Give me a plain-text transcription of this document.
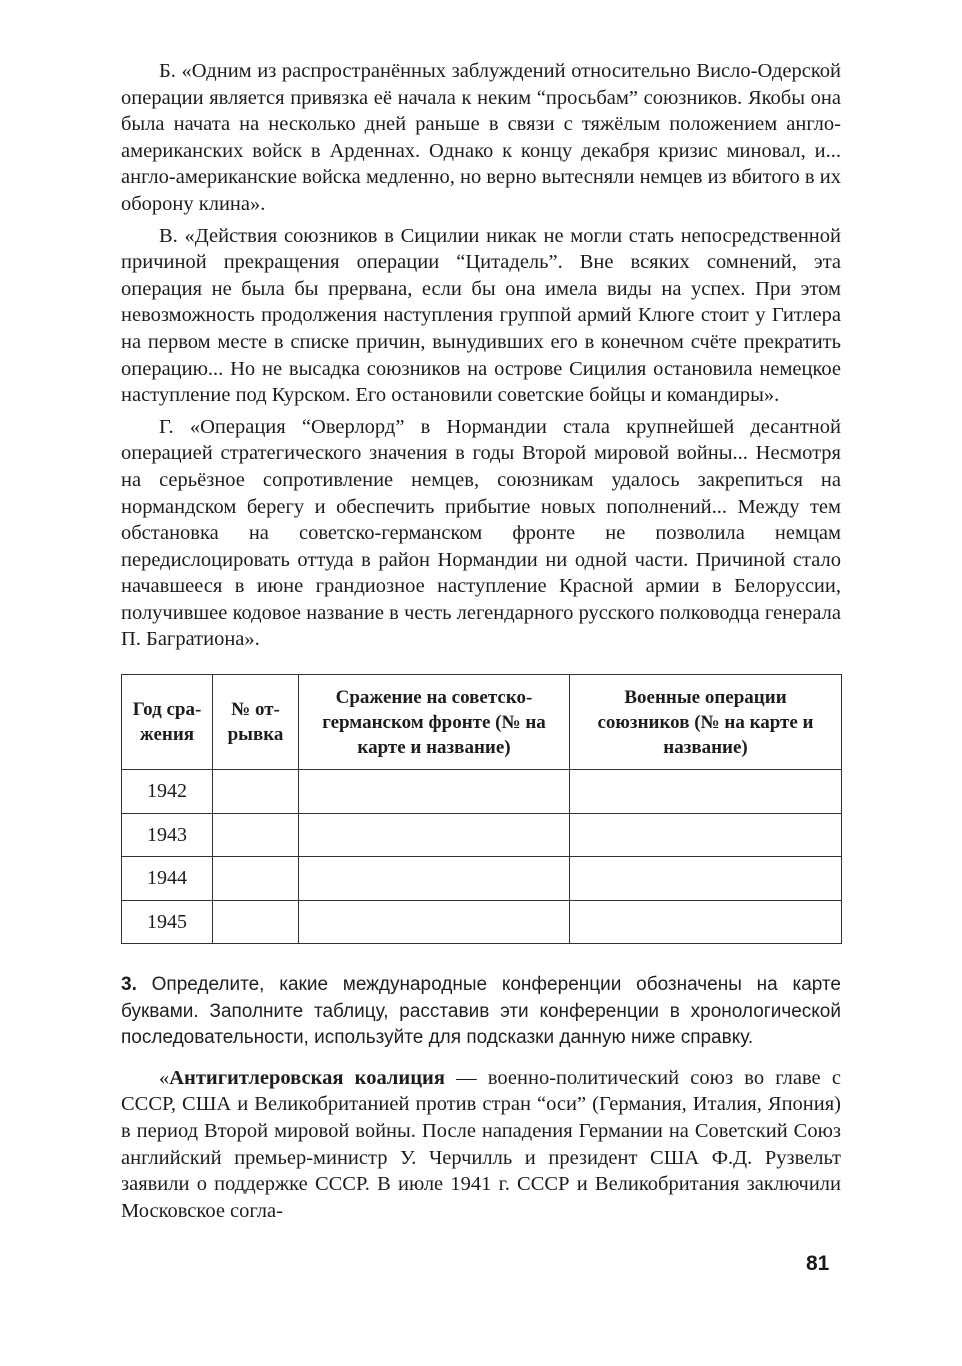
Б. «Одним из распространённых заблуждений относительно Висло-Одерской операции является привязка её начала к неким “просьбам” союзников. Якобы она была начата на несколько дней раньше в связи с тяжёлым положением англо-американских войск в Арденнах. Однако к концу декабря кризис миновал, и... англо-американские войска медленно, но верно вытесняли немцев из вбитого в их оборону клина».

В. «Действия союзников в Сицилии никак не могли стать непосредственной причиной прекращения операции “Цитадель”. Вне всяких сомнений, эта операция не была бы прервана, если бы она имела виды на успех. При этом невозможность продолжения наступления группой армий Клюге стоит у Гитлера на первом месте в списке причин, вынудивших его в конечном счёте прекратить операцию... Но не высадка союзников на острове Сицилия остановила немецкое наступление под Курском. Его остановили советские бойцы и командиры».

Г. «Операция “Оверлорд” в Нормандии стала крупнейшей десантной операцией стратегического значения в годы Второй мировой войны... Несмотря на серьёзное сопротивление немцев, союзникам удалось закрепиться на нормандском берегу и обеспечить прибытие новых пополнений... Между тем обстановка на советско-германском фронте не позволила немцам передислоцировать оттуда в район Нормандии ни одной части. Причиной стало начавшееся в июне грандиозное наступление Красной армии в Белоруссии, получившее кодовое название в честь легендарного русского полководца генерала П. Багратиона».

Год сра-жения	№ от-рывка	Сражение на советско-германском фронте (№ на карте и название)	Военные операции союзников (№ на карте и название)
1942			
1943			
1944			
1945			

3. Определите, какие международные конференции обозначены на карте буквами. Заполните таблицу, расставив эти конференции в хронологической последовательности, используйте для подсказки данную ниже справку.

«Антигитлеровская коалиция — военно-политический союз во главе с СССР, США и Великобританией против стран “оси” (Германия, Италия, Япония) в период Второй мировой войны. После нападения Германии на Советский Союз английский премьер-министр У. Черчилль и президент США Ф.Д. Рузвельт заявили о поддержке СССР. В июле 1941 г. СССР и Великобритания заключили Московское согла-

81
